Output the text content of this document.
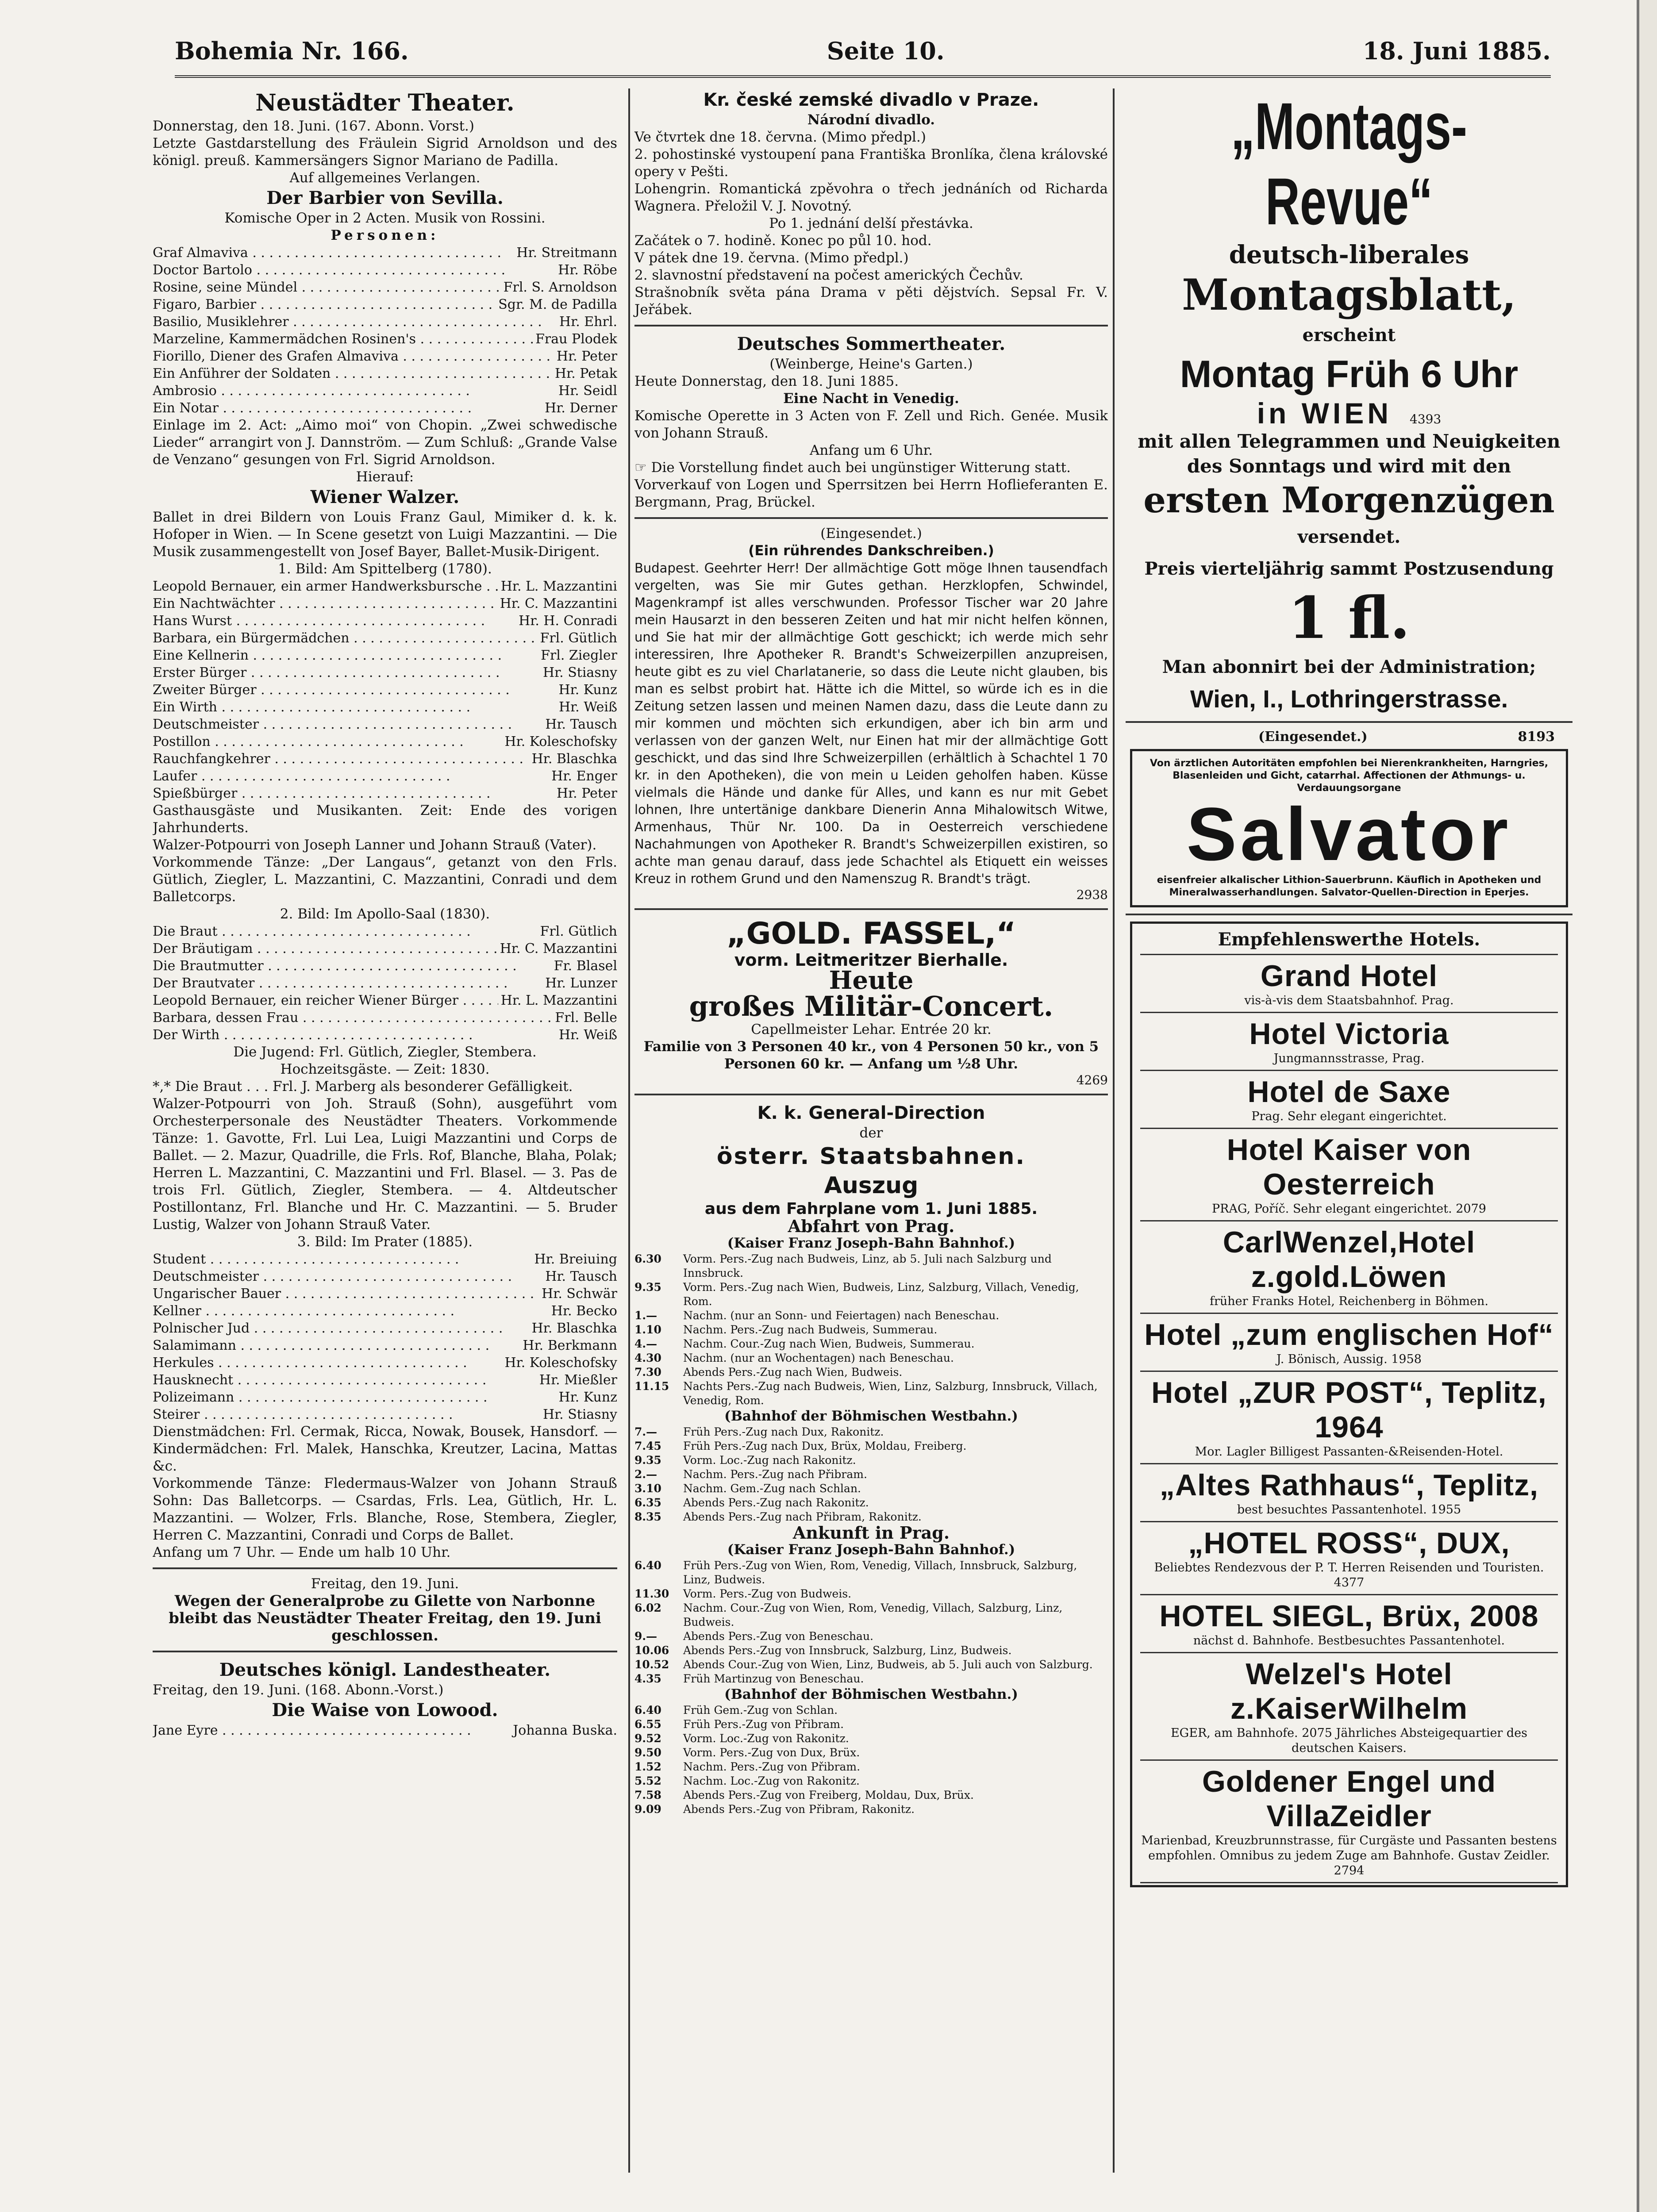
Bohemia Nr. 166.	Seite 10.	18. Juni 1885.

Neustädter Theater.

Donnerstag, den 18. Juni. (167. Abonn. Vorst.)

Letzte Gastdarstellung des Fräulein Sigrid Arnoldson und des königl. preuß. Kammersängers Signor Mariano de Padilla.

Auf allgemeines Verlangen.

Der Barbier von Sevilla.

Komische Oper in 2 Acten. Musik von Rossini.

Personen:

Graf Almaviva . . .	Hr. Streitmann
Doctor Bartolo . . .	Hr. Röbe
Rosine, seine Mündel . . .	Frl. S. Arnoldson
Figaro, Barbier . . .	Sgr. M. de Padilla
Basilio, Musiklehrer . . .	Hr. Ehrl.
Marzeline, Kammermädchen Rosinen's . . .	Frau Plodek
Fiorillo, Diener des Grafen Almaviva . . .	Hr. Peter
Ein Anführer der Soldaten . . .	Hr. Petak
Ambrosio . . .	Hr. Seidl
Ein Notar . . .	Hr. Derner

Einlage im 2. Act: „Aimo moi“ von Chopin. „Zwei schwedische Lieder“ arrangirt von J. Dannström. — Zum Schluß: „Grande Valse de Venzano“ gesungen von Frl. Sigrid Arnoldson.

Hierauf:

Wiener Walzer.

Ballet in drei Bildern von Louis Franz Gaul, Mimiker d. k. k. Hofoper in Wien. — In Scene gesetzt von Luigi Mazzantini. — Die Musik zusammengestellt von Josef Bayer, Ballet-Musik-Dirigent.

1. Bild: Am Spittelberg (1780).

Leopold Bernauer, ein armer Handwerksbursche . . .	Hr. L. Mazzantini
Ein Nachtwächter . . .	Hr. C. Mazzantini
Hans Wurst . . .	Hr. H. Conradi
Barbara, ein Bürgermädchen . . .	Frl. Gütlich
Eine Kellnerin . . .	Frl. Ziegler
Erster Bürger . . .	Hr. Stiasny
Zweiter Bürger . . .	Hr. Kunz
Ein Wirth . . .	Hr. Weiß
Deutschmeister . . .	Hr. Tausch
Postillon . . .	Hr. Koleschofsky
Rauchfangkehrer . . .	Hr. Blaschka
Laufer . . .	Hr. Enger
Spießbürger . . .	Hr. Peter

Gasthausgäste und Musikanten. Zeit: Ende des vorigen Jahrhunderts.

Walzer-Potpourri von Joseph Lanner und Johann Strauß (Vater).

Vorkommende Tänze: „Der Langaus“, getanzt von den Frls. Gütlich, Ziegler, L. Mazzantini, C. Mazzantini, Conradi und dem Balletcorps.

2. Bild: Im Apollo-Saal (1830).

Die Braut . . .	Frl. Gütlich
Der Bräutigam . . .	Hr. C. Mazzantini
Die Brautmutter . . .	Fr. Blasel
Der Brautvater . . .	Hr. Lunzer
Leopold Bernauer, ein reicher Wiener Bürger . . .	Hr. L. Mazzantini
Barbara, dessen Frau . . .	Frl. Belle
Der Wirth . . .	Hr. Weiß

Die Jugend: Frl. Gütlich, Ziegler, Stembera.

Hochzeitsgäste. — Zeit: 1830.

*,* Die Braut . . . Frl. J. Marberg als besonderer Gefälligkeit.

Walzer-Potpourri von Joh. Strauß (Sohn), ausgeführt vom Orchesterpersonale des Neustädter Theaters. Vorkommende Tänze: 1. Gavotte, Frl. Lui Lea, Luigi Mazzantini und Corps de Ballet. — 2. Mazur, Quadrille, die Frls. Rof, Blanche, Blaha, Polak; Herren L. Mazzantini, C. Mazzantini und Frl. Blasel. — 3. Pas de trois Frl. Gütlich, Ziegler, Stembera. — 4. Altdeutscher Postillontanz, Frl. Blanche und Hr. C. Mazzantini. — 5. Bruder Lustig, Walzer von Johann Strauß Vater.

3. Bild: Im Prater (1885).

Student . . .	Hr. Breiuing
Deutschmeister . . .	Hr. Tausch
Ungarischer Bauer . . .	Hr. Schwär
Kellner . . .	Hr. Becko
Polnischer Jud . . .	Hr. Blaschka
Salamimann . . .	Hr. Berkmann
Herkules . . .	Hr. Koleschofsky
Hausknecht . . .	Hr. Mießler
Polizeimann . . .	Hr. Kunz
Steirer . . .	Hr. Stiasny

Dienstmädchen: Frl. Cermak, Ricca, Nowak, Bousek, Hansdorf. — Kindermädchen: Frl. Malek, Hanschka, Kreutzer, Lacina, Mattas &c.

Vorkommende Tänze: Fledermaus-Walzer von Johann Strauß Sohn: Das Balletcorps. — Csardas, Frls. Lea, Gütlich, Hr. L. Mazzantini. — Wolzer, Frls. Blanche, Rose, Stembera, Ziegler, Herren C. Mazzantini, Conradi und Corps de Ballet.

Anfang um 7 Uhr. — Ende um halb 10 Uhr.

Freitag, den 19. Juni.

Wegen der Generalprobe zu Gilette von Narbonne bleibt das Neustädter Theater Freitag, den 19. Juni geschlossen.

Deutsches königl. Landestheater.

Freitag, den 19. Juni. (168. Abonn.-Vorst.)

Die Waise von Lowood.

Jane Eyre . . .	Johanna Buska.

Kr. české zemské divadlo v Praze.

Národní divadlo.

Ve čtvrtek dne 18. června. (Mimo předpl.)

2. pohostinské vystoupení pana Františka Bronlíka, člena královské opery v Pešti.

Lohengrin. Romantická zpěvohra o třech jednáních od Richarda Wagnera. Přeložil V. J. Novotný.

Po 1. jednání delší přestávka.

Začátek o 7. hodině. Konec po půl 10. hod.

V pátek dne 19. června. (Mimo předpl.)

2. slavnostní představení na počest amerických Čechův.

Strašnobník světa pána Drama v pěti dějstvích. Sepsal Fr. V. Jeřábek.

Deutsches Sommertheater.

(Weinberge, Heine's Garten.)

Heute Donnerstag, den 18. Juni 1885.

Eine Nacht in Venedig.

Komische Operette in 3 Acten von F. Zell und Rich. Genée. Musik von Johann Strauß.

Anfang um 6 Uhr.

☞ Die Vorstellung findet auch bei ungünstiger Witterung statt.

Vorverkauf von Logen und Sperrsitzen bei Herrn Hoflieferanten E. Bergmann, Prag, Brückel.

(Eingesendet.)

(Ein rührendes Dankschreiben.)

Budapest. Geehrter Herr! Der allmächtige Gott möge Ihnen tausendfach vergelten, was Sie mir Gutes gethan. Herzklopfen, Schwindel, Magenkrampf ist alles verschwunden. Professor Tischer war 20 Jahre mein Hausarzt in den besseren Zeiten und hat mir nicht helfen können, und Sie hat mir der allmächtige Gott geschickt; ich werde mich sehr interessiren, Ihre Apotheker R. Brandt's Schweizerpillen anzupreisen, heute gibt es zu viel Charlatanerie, so dass die Leute nicht glauben, bis man es selbst probirt hat. Hätte ich die Mittel, so würde ich es in die Zeitung setzen lassen und meinen Namen dazu, dass die Leute dann zu mir kommen und möchten sich erkundigen, aber ich bin arm und verlassen von der ganzen Welt, nur Einen hat mir der allmächtige Gott geschickt, und das sind Ihre Schweizerpillen (erhältlich à Schachtel 1 70 kr. in den Apotheken), die von mein u Leiden geholfen haben. Küsse vielmals die Hände und danke für Alles, und kann es nur mit Gebet lohnen, Ihre untertänige dankbare Dienerin Anna Mihalowitsch Witwe, Armenhaus, Thür Nr. 100. Da in Oesterreich verschiedene Nachahmungen von Apotheker R. Brandt's Schweizerpillen existiren, so achte man genau darauf, dass jede Schachtel als Etiquett ein weisses Kreuz in rothem Grund und den Namenszug R. Brandt's trägt.

2938

„GOLD. FASSEL,“

vorm. Leitmeritzer Bierhalle.

Heute

großes Militär-Concert.

Capellmeister Lehar. Entrée 20 kr.

Familie von 3 Personen 40 kr., von 4 Personen 50 kr., von 5 Personen 60 kr. — Anfang um ½8 Uhr.

4269

K. k. General-Direction

der

österr. Staatsbahnen.

Auszug

aus dem Fahrplane vom 1. Juni 1885.

Abfahrt von Prag.

(Kaiser Franz Joseph-Bahn Bahnhof.)

6.30	Vorm. Pers.-Zug nach Budweis, Linz, ab 5. Juli nach Salzburg und Innsbruck.
9.35	Vorm. Pers.-Zug nach Wien, Budweis, Linz, Salzburg, Villach, Venedig, Rom.
1.—	Nachm. (nur an Sonn- und Feiertagen) nach Beneschau.
1.10	Nachm. Pers.-Zug nach Budweis, Summerau.
4.—	Nachm. Cour.-Zug nach Wien, Budweis, Summerau.
4.30	Nachm. (nur an Wochentagen) nach Beneschau.
7.30	Abends Pers.-Zug nach Wien, Budweis.
11.15	Nachts Pers.-Zug nach Budweis, Wien, Linz, Salzburg, Innsbruck, Villach, Venedig, Rom.

(Bahnhof der Böhmischen Westbahn.)

7.—	Früh Pers.-Zug nach Dux, Rakonitz.
7.45	Früh Pers.-Zug nach Dux, Brüx, Moldau, Freiberg.
9.35	Vorm. Loc.-Zug nach Rakonitz.
2.—	Nachm. Pers.-Zug nach Přibram.
3.10	Nachm. Gem.-Zug nach Schlan.
6.35	Abends Pers.-Zug nach Rakonitz.
8.35	Abends Pers.-Zug nach Přibram, Rakonitz.

Ankunft in Prag.

(Kaiser Franz Joseph-Bahn Bahnhof.)

6.40	Früh Pers.-Zug von Wien, Rom, Venedig, Villach, Innsbruck, Salzburg, Linz, Budweis.
11.30	Vorm. Pers.-Zug von Budweis.
6.02	Nachm. Cour.-Zug von Wien, Rom, Venedig, Villach, Salzburg, Linz, Budweis.
9.—	Abends Pers.-Zug von Beneschau.
10.06	Abends Pers.-Zug von Innsbruck, Salzburg, Linz, Budweis.
10.52	Abends Cour.-Zug von Wien, Linz, Budweis, ab 5. Juli auch von Salzburg.
4.35	Früh Martinzug von Beneschau.

(Bahnhof der Böhmischen Westbahn.)

6.40	Früh Gem.-Zug von Schlan.
6.55	Früh Pers.-Zug von Přibram.
9.52	Vorm. Loc.-Zug von Rakonitz.
9.50	Vorm. Pers.-Zug von Dux, Brüx.
1.52	Nachm. Pers.-Zug von Přibram.
5.52	Nachm. Loc.-Zug von Rakonitz.
7.58	Abends Pers.-Zug von Freiberg, Moldau, Dux, Brüx.
9.09	Abends Pers.-Zug von Přibram, Rakonitz.

„Montags-Revue“

deutsch-liberales

Montagsblatt,

erscheint

Montag Früh 6 Uhr

in WIEN 4393

mit allen Telegrammen und Neuigkeiten

des Sonntags und wird mit den

ersten Morgenzügen

versendet.

Preis vierteljährig sammt Postzusendung

1 fl.

Man abonnirt bei der Administration;

Wien, I., Lothringerstrasse.

(Eingesendet.)	8193

Von ärztlichen Autoritäten empfohlen bei Nierenkrankheiten, Harngries, Blasenleiden und Gicht, catarrhal. Affectionen der Athmungs- u. Verdauungsorgane

Salvator

eisenfreier alkalischer Lithion-Sauerbrunn. Käuflich in Apotheken und Mineralwasserhandlungen. Salvator-Quellen-Direction in Eperjes.

Empfehlenswerthe Hotels.

Grand Hotel
vis-à-vis dem Staatsbahnhof. Prag.
Hotel Victoria
Jungmannsstrasse, Prag.
Hotel de Saxe
Prag. Sehr elegant eingerichtet.
Hotel Kaiser von Oesterreich
PRAG, Poříč. Sehr elegant eingerichtet. 2079
CarlWenzel,Hotel z.gold.Löwen
früher Franks Hotel, Reichenberg in Böhmen.
Hotel „zum englischen Hof“
J. Bönisch, Aussig. 1958
Hotel „ZUR POST“, Teplitz, 1964
Mor. Lagler Billigest Passanten-&Reisenden-Hotel.
„Altes Rathhaus“, Teplitz,
best besuchtes Passantenhotel. 1955
„HOTEL ROSS“, DUX,
Beliebtes Rendezvous der P. T. Herren Reisenden und Touristen. 4377
HOTEL SIEGL, Brüx, 2008
nächst d. Bahnhofe. Bestbesuchtes Passantenhotel.
Welzel's Hotel z.KaiserWilhelm
EGER, am Bahnhofe. 2075 Jährliches Absteigequartier des deutschen Kaisers.
Goldener Engel und VillaZeidler
Marienbad, Kreuzbrunnstrasse, für Curgäste und Passanten bestens empfohlen. Omnibus zu jedem Zuge am Bahnhofe. Gustav Zeidler. 2794
